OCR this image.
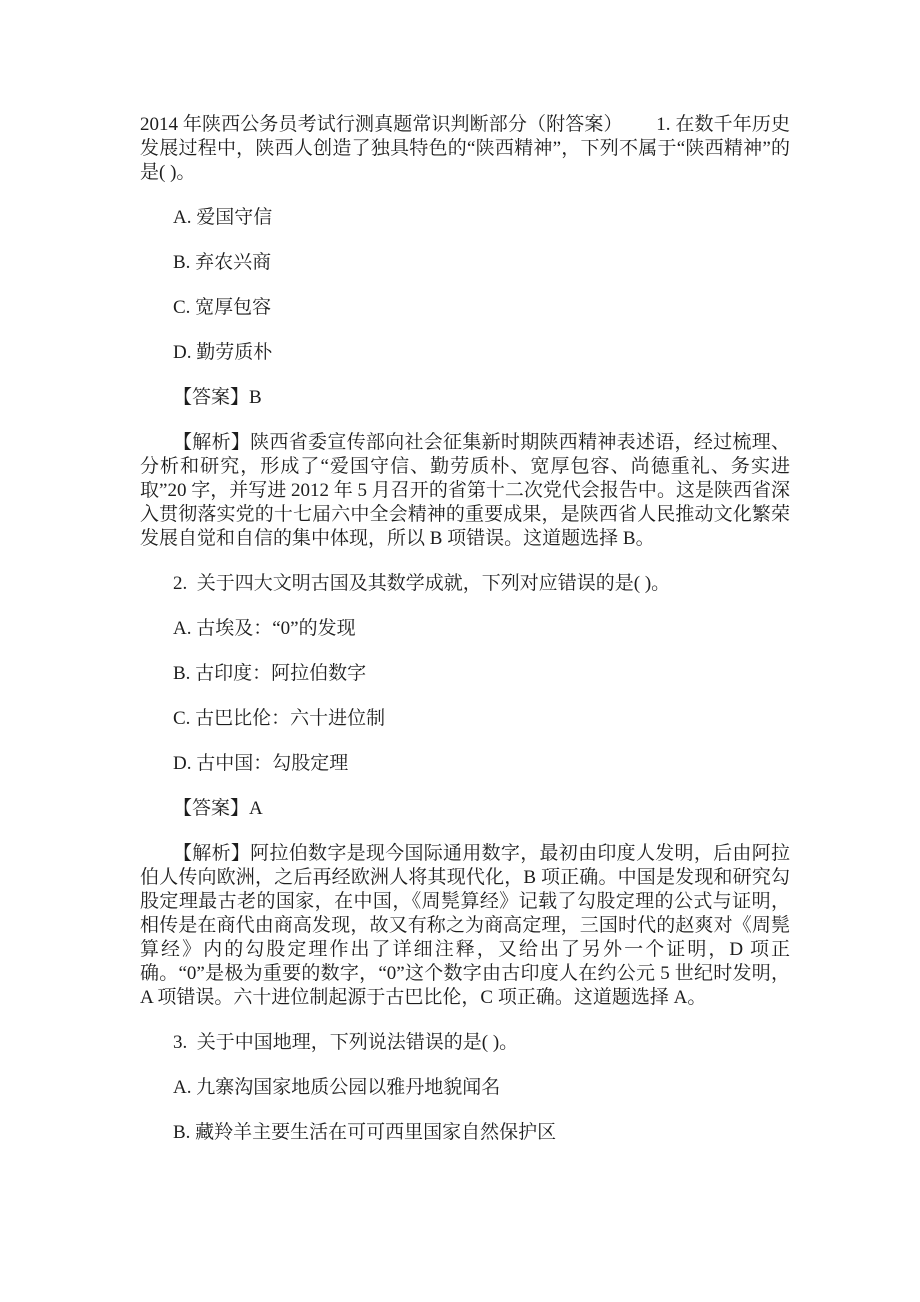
2014 年陕西公务员考试行测真题常识判断部分（附答案）　　 1. 在数千年历史发展过程中，陕西人创造了独具特色的“陕西精神”，下列不属于“陕西精神”的是( )。

A. 爱国守信

B. 弃农兴商

C. 宽厚包容

D. 勤劳质朴

【答案】B

【解析】陕西省委宣传部向社会征集新时期陕西精神表述语，经过梳理、分析和研究，形成了“爱国守信、勤劳质朴、宽厚包容、尚德重礼、务实进取”20 字，并写进 2012 年 5 月召开的省第十二次党代会报告中。这是陕西省深入贯彻落实党的十七届六中全会精神的重要成果，是陕西省人民推动文化繁荣发展自觉和自信的集中体现，所以 B 项错误。这道题选择 B。

2.  关于四大文明古国及其数学成就，下列对应错误的是( )。

A. 古埃及：“0”的发现

B. 古印度：阿拉伯数字

C. 古巴比伦：六十进位制

D. 古中国：勾股定理

【答案】A

【解析】阿拉伯数字是现今国际通用数字，最初由印度人发明，后由阿拉伯人传向欧洲，之后再经欧洲人将其现代化，B 项正确。中国是发现和研究勾股定理最古老的国家，在中国，《周髨算经》记载了勾股定理的公式与证明，相传是在商代由商高发现，故又有称之为商高定理，三国时代的赵爽对《周髨算经》内的勾股定理作出了详细注释，又给出了另外一个证明，D 项正确。“0”是极为重要的数字，“0”这个数字由古印度人在约公元 5 世纪时发明，A 项错误。六十进位制起源于古巴比伦，C 项正确。这道题选择 A。

3.  关于中国地理，下列说法错误的是( )。

A. 九寨沟国家地质公园以雅丹地貌闻名

B. 藏羚羊主要生活在可可西里国家自然保护区
